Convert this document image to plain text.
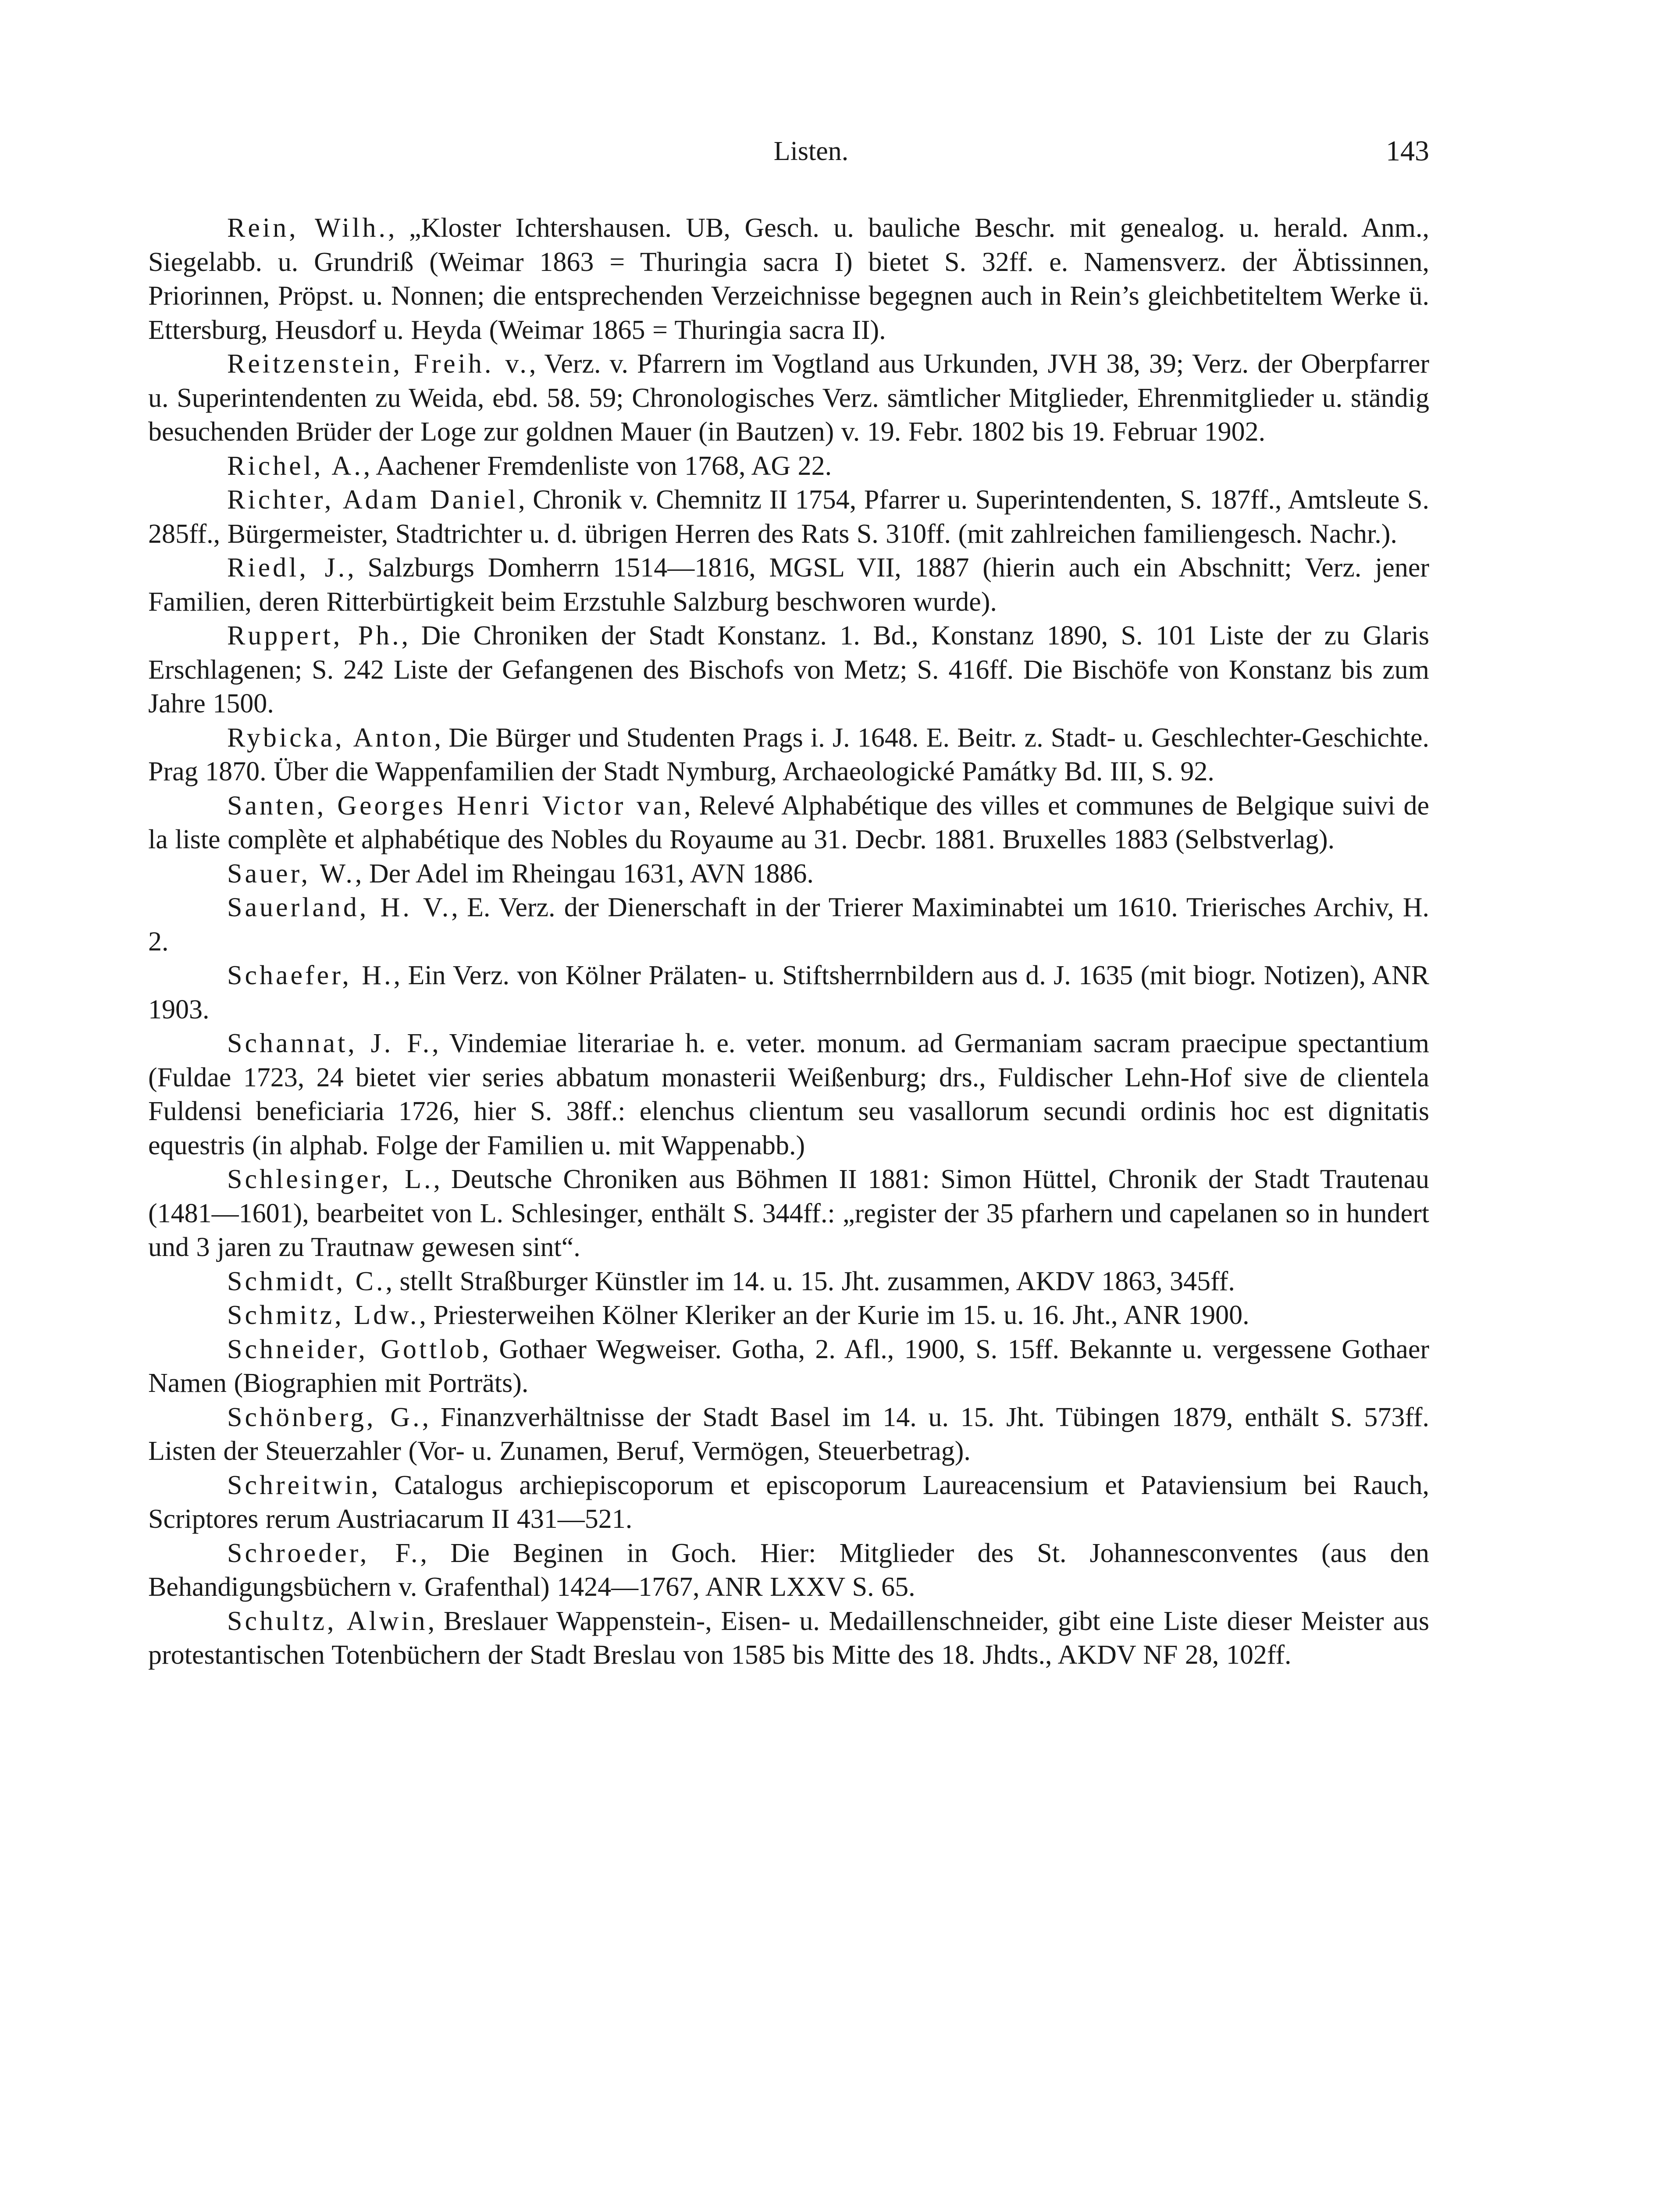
Listen.	143

Rein, Wilh., „Kloster Ichtershausen. UB, Gesch. u. bauliche Beschr. mit genealog. u. herald. Anm., Siegelabb. u. Grundriß (Weimar 1863 = Thuringia sacra I) bietet S. 32ff. e. Namensverz. der Äbtissinnen, Priorinnen, Pröpst. u. Nonnen; die entsprechenden Verzeichnisse begegnen auch in Rein’s gleichbetiteltem Werke ü. Ettersburg, Heusdorf u. Heyda (Weimar 1865 = Thuringia sacra II).

Reitzenstein, Freih. v., Verz. v. Pfarrern im Vogtland aus Urkunden, JVH 38, 39; Verz. der Oberpfarrer u. Superintendenten zu Weida, ebd. 58. 59; Chronologisches Verz. sämtlicher Mitglieder, Ehrenmitglieder u. ständig besuchenden Brüder der Loge zur goldnen Mauer (in Bautzen) v. 19. Febr. 1802 bis 19. Februar 1902.

Richel, A., Aachener Fremdenliste von 1768, AG 22.

Richter, Adam Daniel, Chronik v. Chemnitz II 1754, Pfarrer u. Superintendenten, S. 187ff., Amtsleute S. 285ff., Bürgermeister, Stadtrichter u. d. übrigen Herren des Rats S. 310ff. (mit zahlreichen familiengesch. Nachr.).

Riedl, J., Salzburgs Domherrn 1514—1816, MGSL VII, 1887 (hierin auch ein Abschnitt; Verz. jener Familien, deren Ritterbürtigkeit beim Erzstuhle Salzburg beschworen wurde).

Ruppert, Ph., Die Chroniken der Stadt Konstanz. 1. Bd., Konstanz 1890, S. 101 Liste der zu Glaris Erschlagenen; S. 242 Liste der Gefangenen des Bischofs von Metz; S. 416ff. Die Bischöfe von Konstanz bis zum Jahre 1500.

Rybicka, Anton, Die Bürger und Studenten Prags i. J. 1648. E. Beitr. z. Stadt- u. Geschlechter-Geschichte. Prag 1870. Über die Wappenfamilien der Stadt Nymburg, Archaeologické Památky Bd. III, S. 92.

Santen, Georges Henri Victor van, Relevé Alphabétique des villes et communes de Belgique suivi de la liste complète et alphabétique des Nobles du Royaume au 31. Decbr. 1881. Bruxelles 1883 (Selbstverlag).

Sauer, W., Der Adel im Rheingau 1631, AVN 1886.

Sauerland, H. V., E. Verz. der Dienerschaft in der Trierer Maximinabtei um 1610. Trierisches Archiv, H. 2.

Schaefer, H., Ein Verz. von Kölner Prälaten- u. Stiftsherrnbildern aus d. J. 1635 (mit biogr. Notizen), ANR 1903.

Schannat, J. F., Vindemiae literariae h. e. veter. monum. ad Germaniam sacram praecipue spectantium (Fuldae 1723, 24 bietet vier series abbatum monasterii Weißenburg; drs., Fuldischer Lehn-Hof sive de clientela Fuldensi beneficiaria 1726, hier S. 38ff.: elenchus clientum seu vasallorum secundi ordinis hoc est dignitatis equestris (in alphab. Folge der Familien u. mit Wappenabb.)

Schlesinger, L., Deutsche Chroniken aus Böhmen II 1881: Simon Hüttel, Chronik der Stadt Trautenau (1481—1601), bearbeitet von L. Schlesinger, enthält S. 344ff.: „register der 35 pfarhern und capelanen so in hundert und 3 jaren zu Trautnaw gewesen sint“.

Schmidt, C., stellt Straßburger Künstler im 14. u. 15. Jht. zusammen, AKDV 1863, 345ff.

Schmitz, Ldw., Priesterweihen Kölner Kleriker an der Kurie im 15. u. 16. Jht., ANR 1900.

Schneider, Gottlob, Gothaer Wegweiser. Gotha, 2. Afl., 1900, S. 15ff. Bekannte u. vergessene Gothaer Namen (Biographien mit Porträts).

Schönberg, G., Finanzverhältnisse der Stadt Basel im 14. u. 15. Jht. Tübingen 1879, enthält S. 573ff. Listen der Steuerzahler (Vor- u. Zunamen, Beruf, Vermögen, Steuerbetrag).

Schreitwin, Catalogus archiepiscoporum et episcoporum Laureacensium et Pataviensium bei Rauch, Scriptores rerum Austriacarum II 431—521.

Schroeder, F., Die Beginen in Goch. Hier: Mitglieder des St. Johannesconventes (aus den Behandigungsbüchern v. Grafenthal) 1424—1767, ANR LXXV S. 65.

Schultz, Alwin, Breslauer Wappenstein-, Eisen- u. Medaillenschneider, gibt eine Liste dieser Meister aus protestantischen Totenbüchern der Stadt Breslau von 1585 bis Mitte des 18. Jhdts., AKDV NF 28, 102ff.
